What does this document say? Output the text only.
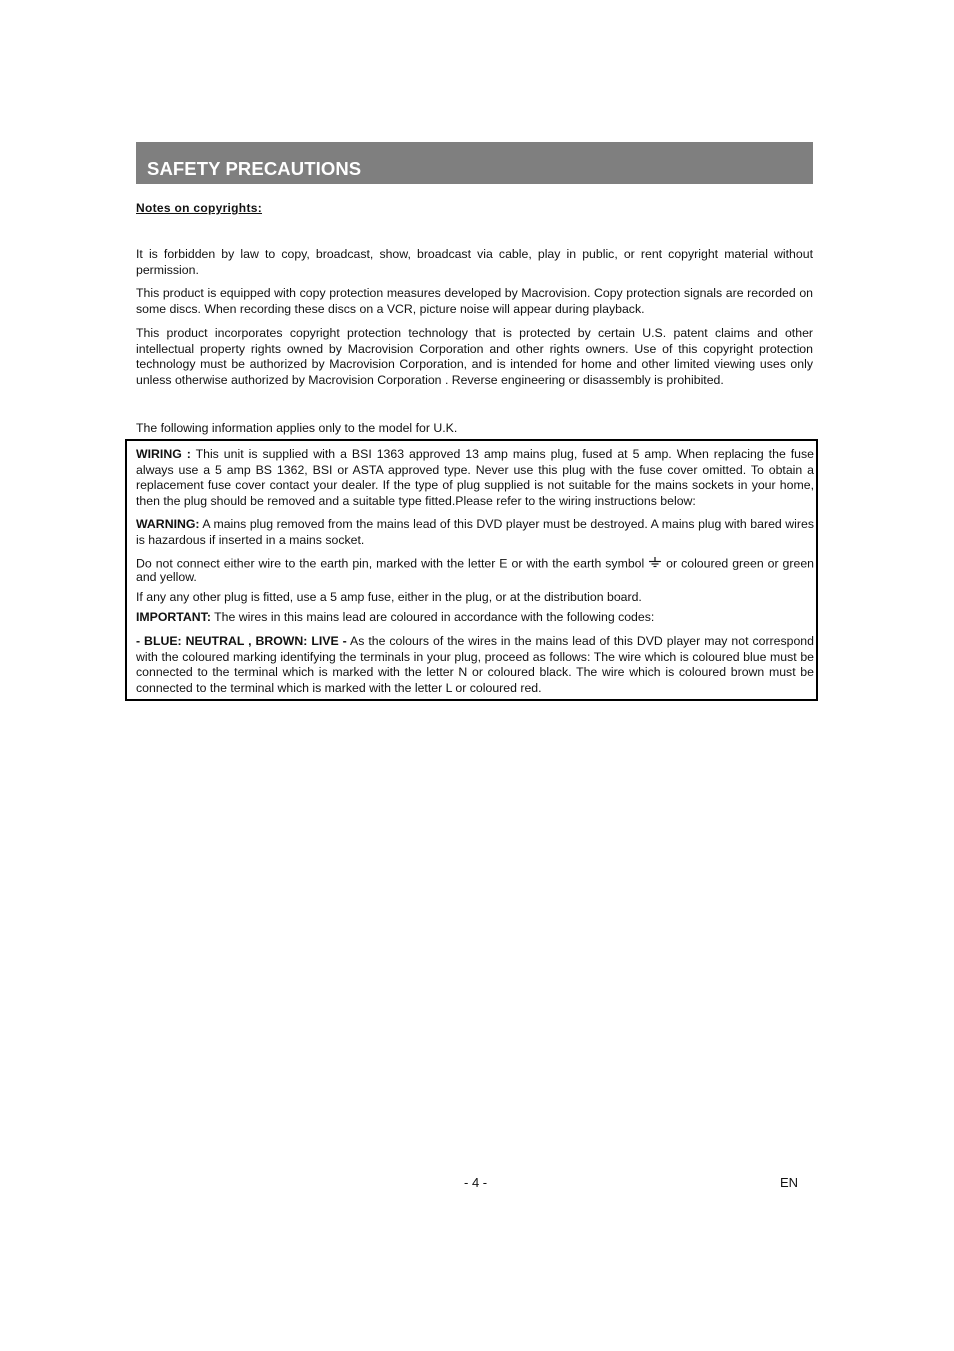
SAFETY PRECAUTIONS
Notes on copyrights:

It is forbidden by law to copy, broadcast, show, broadcast via cable, play in public, or rent copyright material without permission.

This product is equipped with copy protection measures developed by Macrovision. Copy protection signals are recorded on some discs. When recording these discs on a VCR, picture noise will appear during playback.

This product incorporates copyright protection technology that is protected by certain U.S. patent claims and other intellectual property rights owned by Macrovision Corporation and other rights owners. Use of this copyright protection technology must be authorized by Macrovision Corporation, and is intended for home and other limited viewing uses only unless otherwise authorized by Macrovision Corporation . Reverse engineering or disassembly is prohibited.

The following information applies only to the model for U.K.

WIRING : This unit is supplied with a BSI 1363 approved 13 amp mains plug, fused at 5 amp. When replacing the fuse always use a 5 amp BS 1362, BSI or ASTA approved type. Never use this plug with the fuse cover omitted. To obtain a replacement fuse cover contact your dealer. If the type of plug supplied is not suitable for the mains sockets in your home, then the plug should be removed and a suitable type fitted.Please refer to the wiring instructions below:

WARNING: A mains plug removed from the mains lead of this DVD player must be destroyed. A mains plug with bared wires is hazardous if inserted in a mains socket.

Do not connect either wire to the earth pin, marked with the letter E or with the earth symbol  or coloured green or green and yellow.

If any any other plug is fitted, use a 5 amp fuse, either in the plug, or at the distribution board.

IMPORTANT: The wires in this mains lead are coloured in accordance with the following codes:

- BLUE: NEUTRAL , BROWN: LIVE - As the colours of the wires in the mains lead of this DVD player may not correspond with the coloured marking identifying the terminals in your plug, proceed as follows: The wire which is coloured blue must be connected to the terminal which is marked with the letter N or coloured black. The wire which is coloured brown must be connected to the terminal which is marked with the letter L or coloured red.

- 4 -	EN
